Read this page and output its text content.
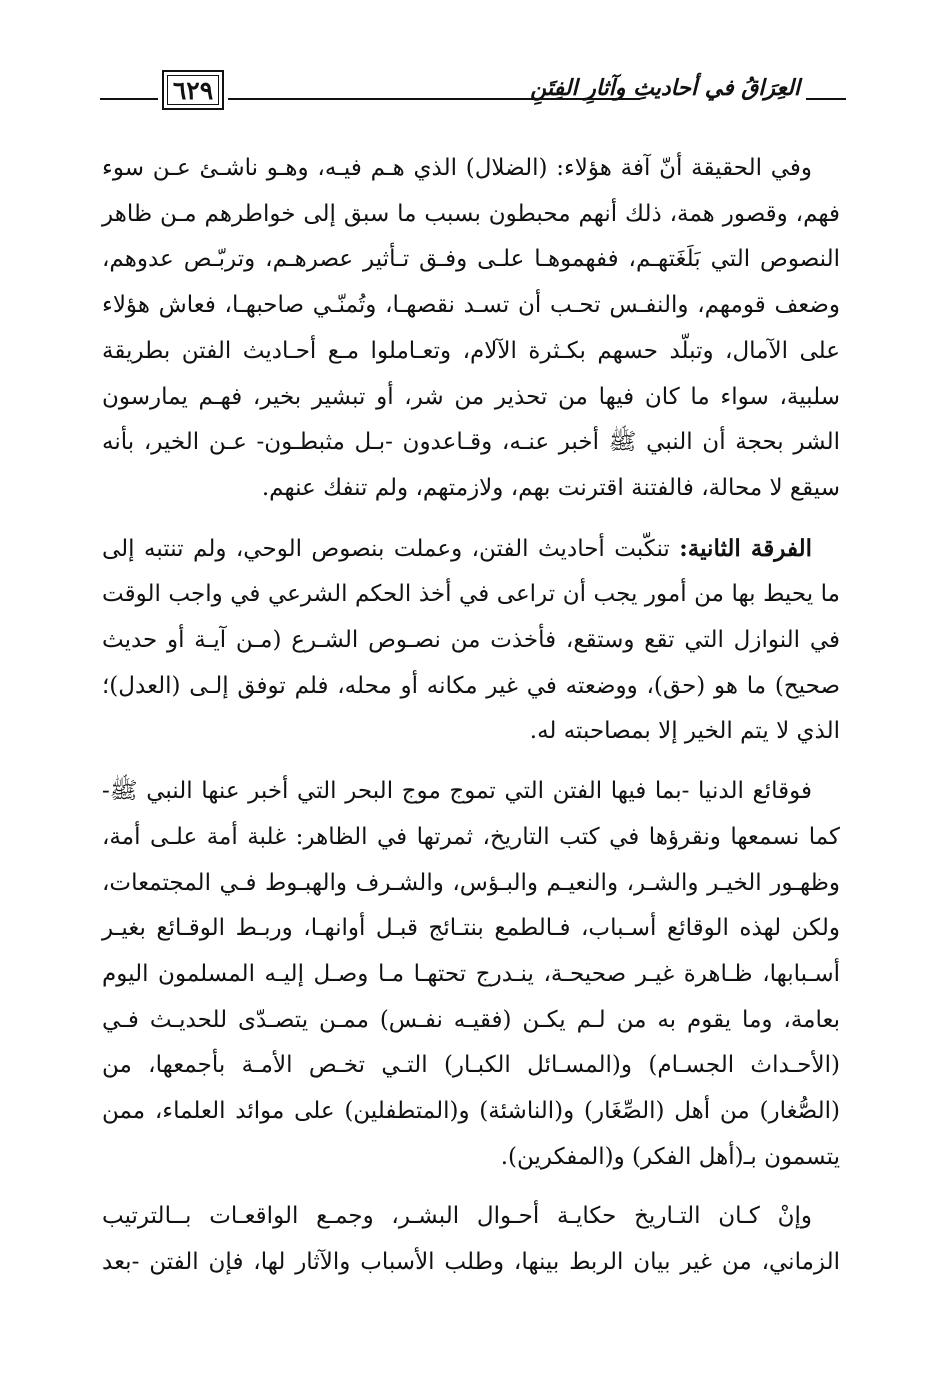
٦٢٩	العِرَاقُ في أحاديثِ وآثارِ الفِتَنِ

وفي الحقيقة أنّ آفة هؤلاء: (الضلال) الذي هـم فيـه، وهـو ناشـئ عـن سوء فهم، وقصور همة، ذلك أنهم محبطون بسبب ما سبق إلى خواطرهم مـن ظاهر النصوص التي بَلَغَتهـم، ففهموهـا علـى وفـق تـأثير عصرهـم، وتربّـص عدوهم، وضعف قومهم، والنفـس تحـب أن تسـد نقصهـا، وتُمنّـي صاحبهـا، فعاش هؤلاء على الآمال، وتبلّد حسهم بكـثرة الآلام، وتعـاملوا مـع أحـاديث الفتن بطريقة سلبية، سواء ما كان فيها من تحذير من شر، أو تبشير بخير، فهـم يمارسون الشر بحجة أن النبي ﷺ أخبر عنـه، وقـاعدون -بـل مثبطـون- عـن الخير، بأنه سيقع لا محالة، فالفتنة اقترنت بهم، ولازمتهم، ولم تنفك عنهم.

الفرقة الثانية: تنكّبت أحاديث الفتن، وعملت بنصوص الوحي، ولم تنتبه إلى ما يحيط بها من أمور يجب أن تراعى في أخذ الحكم الشرعي في واجب الوقت في النوازل التي تقع وستقع، فأخذت من نصـوص الشـرع (مـن آيـة أو حديث صحيح) ما هو (حق)، ووضعته في غير مكانه أو محله، فلم توفق إلـى (العدل)؛ الذي لا يتم الخير إلا بمصاحبته له.

فوقائع الدنيا -بما فيها الفتن التي تموج موج البحر التي أخبر عنها النبي ﷺ- كما نسمعها ونقرؤها في كتب التاريخ، ثمرتها في الظاهر: غلبة أمة علـى أمة، وظهـور الخيـر والشـر، والنعيـم والبـؤس، والشـرف والهبـوط فـي المجتمعات، ولكن لهذه الوقائع أسـباب، فـالطمع بنتـائج قبـل أوانهـا، وربـط الوقـائع بغيـر أسـبابها، ظـاهرة غيـر صحيحـة، ينـدرج تحتهـا مـا وصـل إليـه المسلمون اليوم بعامة، وما يقوم به من لـم يكـن (فقيـه نفـس) ممـن يتصـدّى للحديـث فـي (الأحـداث الجسـام) و(المسـائل الكبـار) التـي تخـص الأمـة بأجمعها، من (الصُّغار) من أهل (الصِّغَار) و(الناشئة) و(المتطفلين) على موائد العلماء، ممن يتسمون بـ(أهل الفكر) و(المفكرين).

وإنْ كـان التـاريخ حكايـة أحـوال البشـر، وجمـع الواقعـات بــالترتيب الزماني، من غير بيان الربط بينها، وطلب الأسباب والآثار لها، فإن الفتن -بعد
